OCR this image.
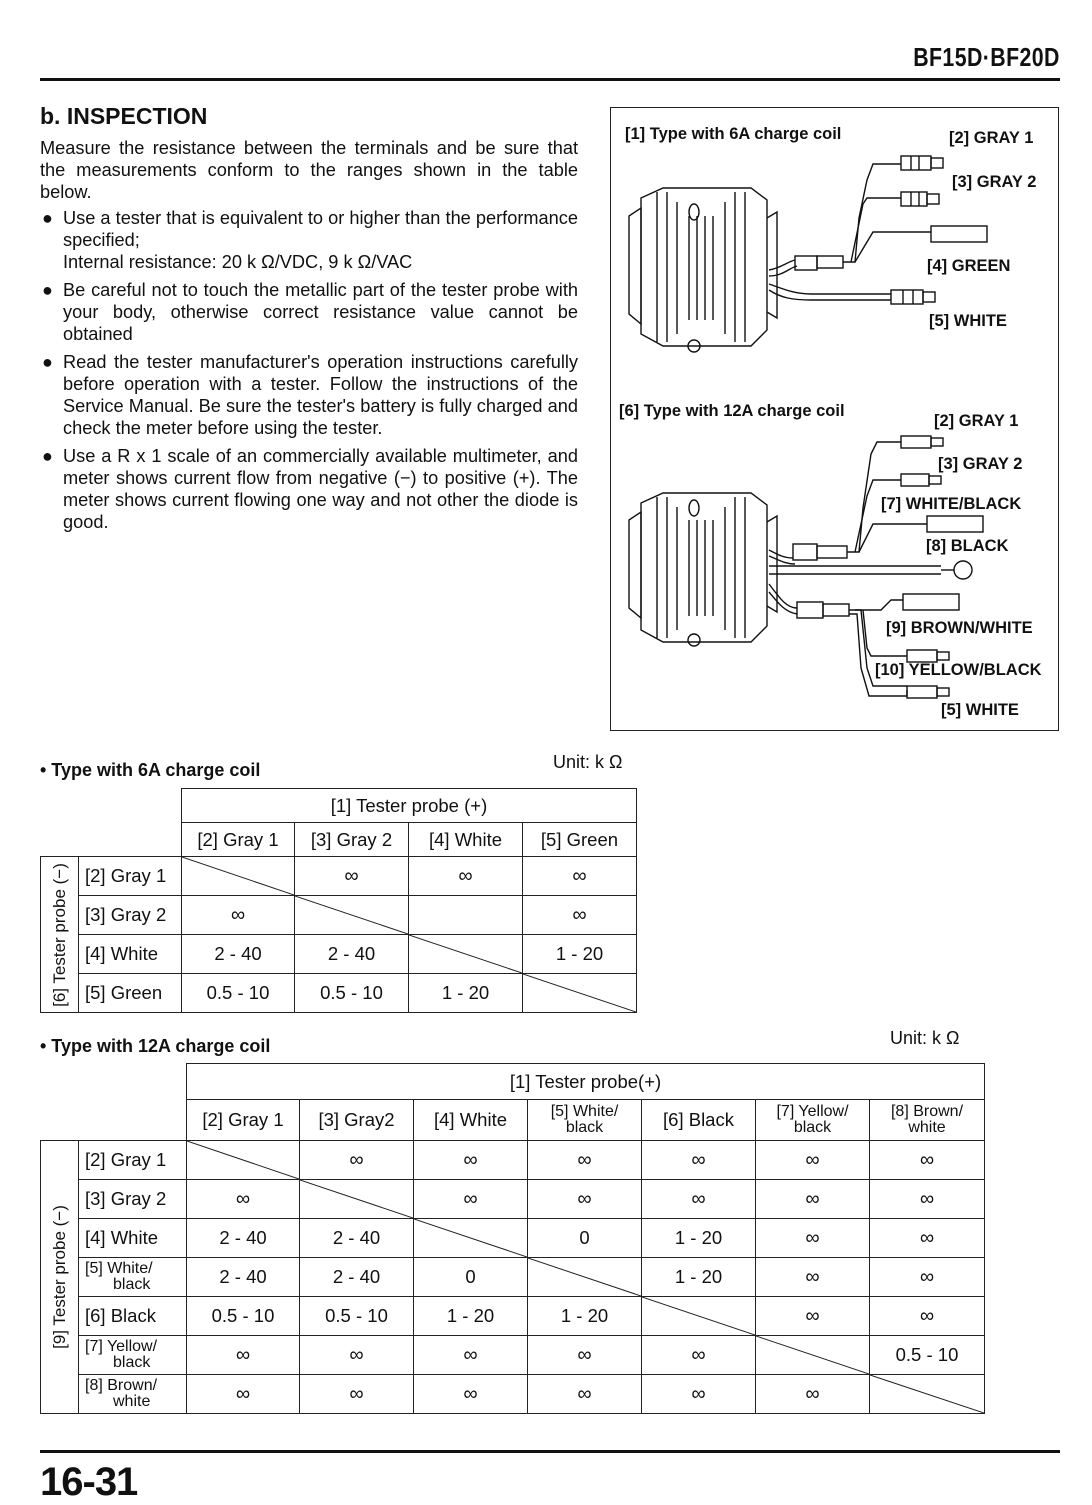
BF15D·BF20D
b. INSPECTION

Measure the resistance between the terminals and be sure that the measurements conform to the ranges shown in the table below.

● Use a tester that is equivalent to or higher than the performance specified;
Internal resistance: 20 k Ω/VDC, 9 k Ω/VAC
● Be careful not to touch the metallic part of the tester probe with your body, otherwise correct resistance value cannot be obtained
● Read the tester manufacturer's operation instructions carefully before operation with a tester. Follow the instructions of the Service Manual. Be sure the tester's battery is fully charged and check the meter before using the tester.
● Use a R x 1 scale of an commercially available multimeter, and meter shows current flow from negative (−) to positive (+). The meter shows current flowing one way and not other the diode is good.
[1] Type with 6A charge coil	[2] GRAY 1
[3] GRAY 2
[4] GREEN
[5] WHITE
[6] Type with 12A charge coil
[2] GRAY 1
[3] GRAY 2
[7] WHITE/BLACK
[8] BLACK
[9] BROWN/WHITE
[10] YELLOW/BLACK
[5] WHITE
• Type with 6A charge coil	Unit: k Ω
		[1] Tester probe (+)			
		[2] Gray 1	[3] Gray 2	[4] White	[5] Green

[6] Tester probe (−)	[2] Gray 1		∞	∞	∞
	[3] Gray 2	∞			∞
	[4] White	2 - 40	2 - 40		1 - 20
	[5] Green	0.5 - 10	0.5 - 10	1 - 20	
• Type with 12A charge coil	Unit: k Ω
		[1] Tester probe(+)						
		[2] Gray 1	[3] Gray2	[4] White	[5] White/
black	[6] Black	[7] Yellow/
black	[8] Brown/
white

[9] Tester probe (−)	[2] Gray 1		∞	∞	∞	∞	∞	∞
	[3] Gray 2	∞		∞	∞	∞	∞	∞
	[4] White	2 - 40	2 - 40		0	1 - 20	∞	∞

	[5] White/
black	2 - 40	2 - 40	0		1 - 20	∞	∞
	[6] Black	0.5 - 10	0.5 - 10	1 - 20	1 - 20		∞	∞

	[7] Yellow/
black	∞	∞	∞	∞	∞		0.5 - 10

	[8] Brown/
white	∞	∞	∞	∞	∞	∞	
16-31
